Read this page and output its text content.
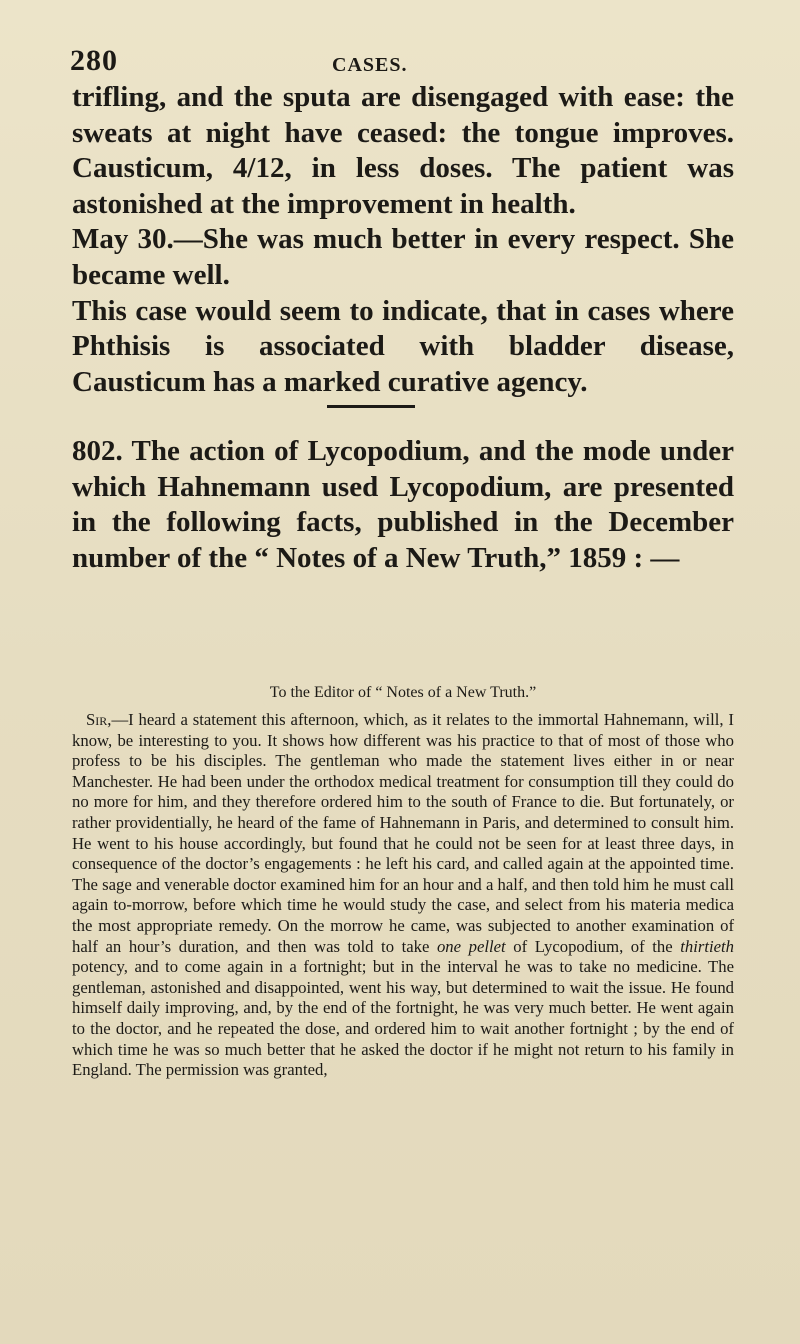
280	CASES.

trifling, and the sputa are disengaged with ease: the sweats at night have ceased: the tongue improves. Causticum, 4/12, in less doses. The patient was astonished at the improvement in health.

May 30.—She was much better in every respect. She became well.

This case would seem to indicate, that in cases where Phthisis is associated with bladder disease, Causticum has a marked curative agency.

802. The action of Lycopodium, and the mode under which Hahnemann used Lycopodium, are presented in the following facts, published in the December number of the “ Notes of a New Truth,” 1859 : —

To the Editor of “ Notes of a New Truth.”

Sir,—I heard a statement this afternoon, which, as it relates to the immortal Hahnemann, will, I know, be interesting to you. It shows how different was his practice to that of most of those who profess to be his disciples. The gentleman who made the statement lives either in or near Manchester. He had been under the orthodox medical treatment for consumption till they could do no more for him, and they therefore ordered him to the south of France to die. But fortunately, or rather providentially, he heard of the fame of Hahnemann in Paris, and determined to consult him. He went to his house accordingly, but found that he could not be seen for at least three days, in consequence of the doctor’s engagements : he left his card, and called again at the appointed time. The sage and venerable doctor examined him for an hour and a half, and then told him he must call again to-morrow, before which time he would study the case, and select from his materia medica the most appropriate remedy. On the morrow he came, was subjected to another examination of half an hour’s duration, and then was told to take one pellet of Lycopodium, of the thirtieth potency, and to come again in a fortnight; but in the interval he was to take no medicine. The gentleman, astonished and disappointed, went his way, but determined to wait the issue. He found himself daily improving, and, by the end of the fortnight, he was very much better. He went again to the doctor, and he repeated the dose, and ordered him to wait another fortnight ; by the end of which time he was so much better that he asked the doctor if he might not return to his family in England. The permission was granted,
